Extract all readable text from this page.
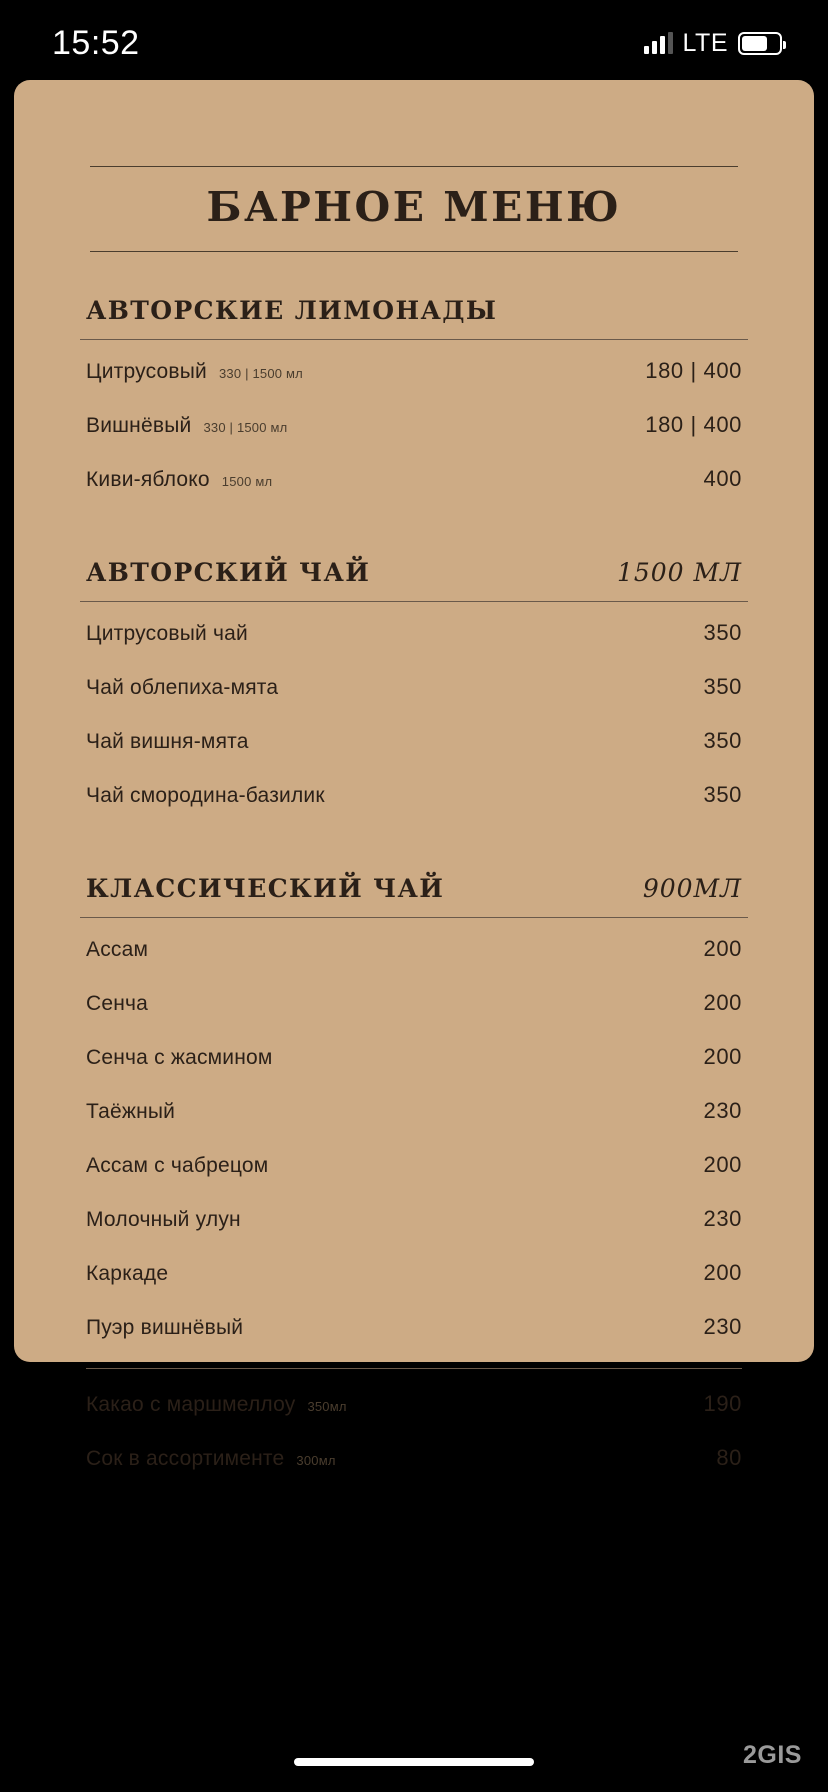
15:52	LTE
БАРНОЕ МЕНЮ
АВТОРСКИЕ ЛИМОНАДЫ
Цитрусовый 330 | 1500 мл	180 | 400
Вишнёвый 330 | 1500 мл	180 | 400
Киви-яблоко 1500 мл	400
АВТОРСКИЙ ЧАЙ	1500 МЛ
Цитрусовый чай	350
Чай облепиха-мята	350
Чай вишня-мята	350
Чай смородина-базилик	350
КЛАССИЧЕСКИЙ ЧАЙ	900МЛ
Ассам	200
Сенча	200
Сенча с жасмином	200
Таёжный	230
Ассам с чабрецом	200
Молочный улун	230
Каркаде	200
Пуэр вишнёвый	230
Какао с маршмеллоу 350мл	190
Сок в ассортименте 300мл	80
2GIS
